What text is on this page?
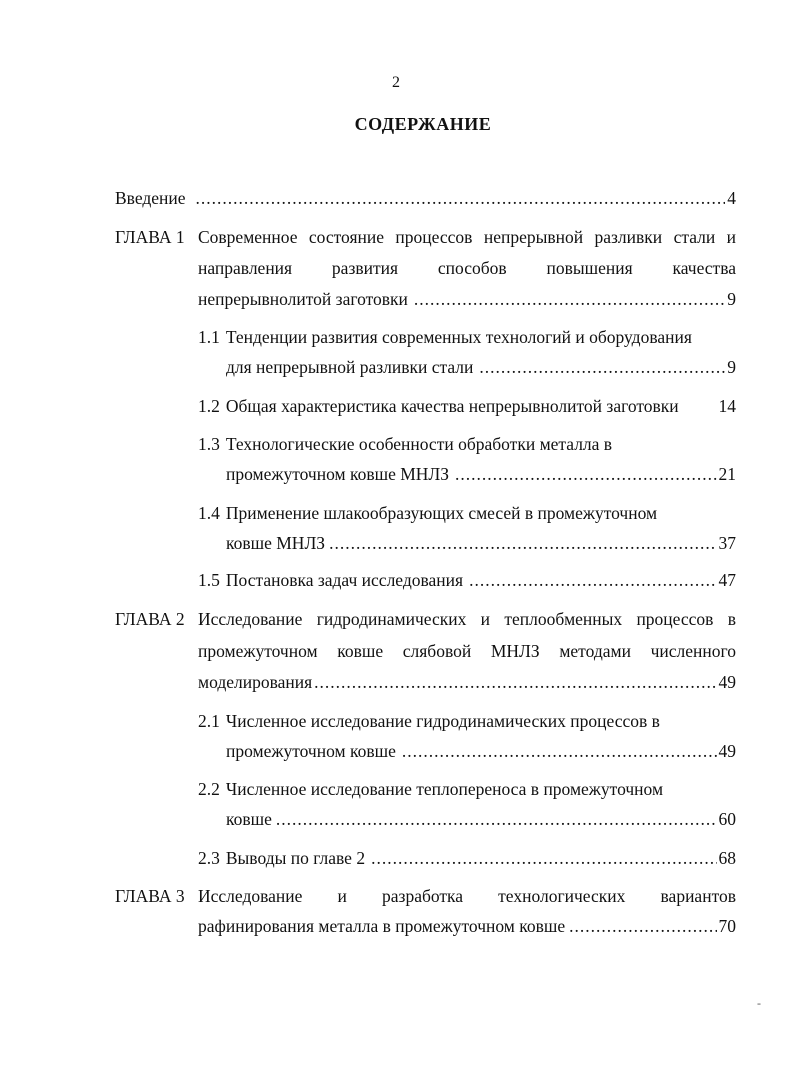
2
СОДЕРЖАНИЕ
Введение .....	4
ГЛАВА 1 Современное состояние процессов непрерывной разливки стали и
направления развития способов повышения качества
непрерывнолитой заготовки .....	9
1.1 Тенденции развития современных технологий и оборудования
для непрерывной разливки стали .....	9
1.2 Общая характеристика качества непрерывнолитой заготовки 14
1.3 Технологические особенности обработки металла в
промежуточном ковше МНЛЗ .....	21
1.4 Применение шлакообразующих смесей в промежуточном
ковше МНЛЗ .....	37
1.5 Постановка задач исследования .....	47
ГЛАВА 2 Исследование гидродинамических и теплообменных процессов в
промежуточном ковше слябовой МНЛЗ методами численного
моделирования .....	49
2.1 Численное исследование гидродинамических процессов в
промежуточном ковше .....	49
2.2 Численное исследование теплопереноса в промежуточном
ковше .....	60
2.3 Выводы по главе 2 .....	68
ГЛАВА 3 Исследование и разработка технологических вариантов
рафинирования металла в промежуточном ковше .....	70
-
